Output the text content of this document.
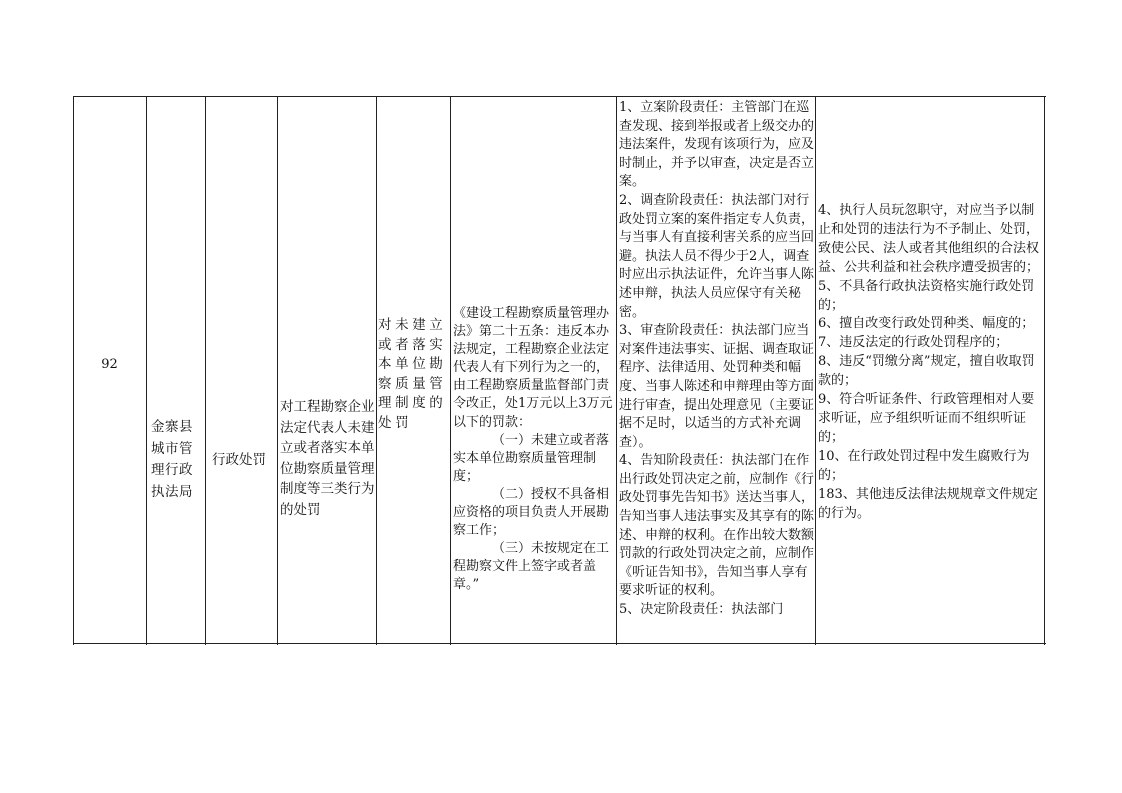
92
金寨县城市管理行政执法局
行政处罚
对工程勘察企业法定代表人未建立或者落实本单位勘察质量管理制度等三类行为的处罚
对未建立或者落实本单位勘察质量管理制度的处罚
《建设工程勘察质量管理办法》第二十五条：违反本办法规定，工程勘察企业法定代表人有下列行为之一的，由工程勘察质量监督部门责令改正，处1万元以上3万元以下的罚款：
（一）未建立或者落实本单位勘察质量管理制度；
（二）授权不具备相应资格的项目负责人开展勘察工作；
（三）未按规定在工程勘察文件上签字或者盖章。”
1、立案阶段责任：主管部门在巡查发现、接到举报或者上级交办的违法案件，发现有该项行为，应及时制止，并予以审查，决定是否立案。
2、调查阶段责任：执法部门对行政处罚立案的案件指定专人负责，与当事人有直接利害关系的应当回避。执法人员不得少于2人，调查时应出示执法证件，允许当事人陈述申辩，执法人员应保守有关秘密。
3、审查阶段责任：执法部门应当对案件违法事实、证据、调查取证程序、法律适用、处罚种类和幅度、当事人陈述和申辩理由等方面进行审查，提出处理意见（主要证据不足时，以适当的方式补充调查）。
4、告知阶段责任：执法部门在作出行政处罚决定之前，应制作《行政处罚事先告知书》送达当事人，告知当事人违法事实及其享有的陈述、申辩的权利。在作出较大数额罚款的行政处罚决定之前，应制作《听证告知书》，告知当事人享有要求听证的权利。
5、决定阶段责任：执法部门
4、执行人员玩忽职守，对应当予以制止和处罚的违法行为不予制止、处罚，致使公民、法人或者其他组织的合法权益、公共利益和社会秩序遭受损害的；
5、不具备行政执法资格实施行政处罚的；
6、擅自改变行政处罚种类、幅度的；
7、违反法定的行政处罚程序的；
8、违反“罚缴分离”规定，擅自收取罚款的；
9、符合听证条件、行政管理相对人要求听证，应予组织听证而不组织听证的；
10、在行政处罚过程中发生腐败行为的；
183、其他违反法律法规规章文件规定的行为。
